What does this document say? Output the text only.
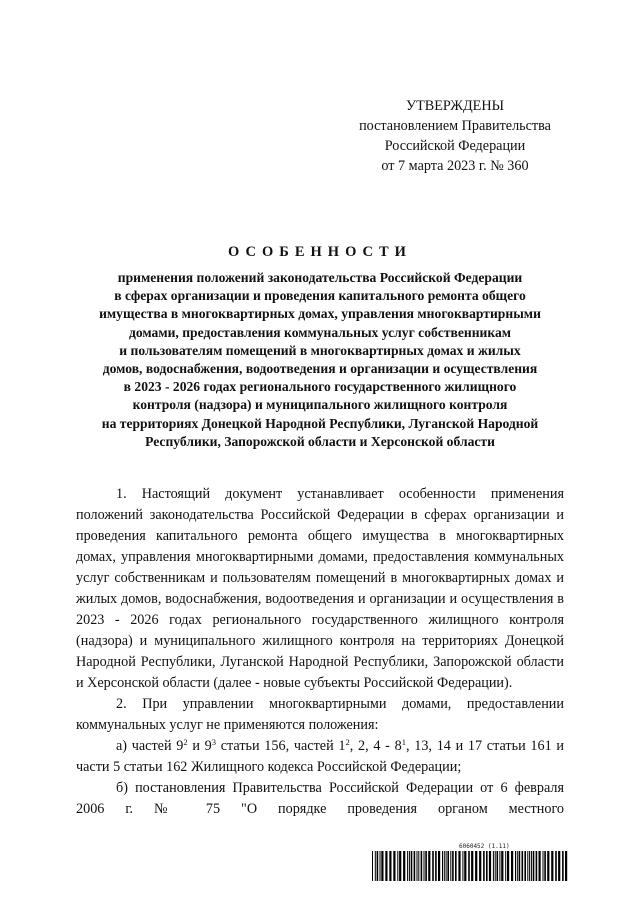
УТВЕРЖДЕНЫ
постановлением Правительства
Российской Федерации
от 7 марта 2023 г. № 360
ОСОБЕННОСТИ
применения положений законодательства Российской Федерации
в сферах организации и проведения капитального ремонта общего
имущества в многоквартирных домах, управления многоквартирными
домами, предоставления коммунальных услуг собственникам
и пользователям помещений в многоквартирных домах и жилых
домов, водоснабжения, водоотведения и организации и осуществления
в 2023 - 2026 годах регионального государственного жилищного
контроля (надзора) и муниципального жилищного контроля
на территориях Донецкой Народной Республики, Луганской Народной
Республики, Запорожской области и Херсонской области

1. Настоящий документ устанавливает особенности применения положений законодательства Российской Федерации в сферах организации и проведения капитального ремонта общего имущества в многоквартирных домах, управления многоквартирными домами, предоставления коммунальных услуг собственникам и пользователям помещений в многоквартирных домах и жилых домов, водоснабжения, водоотведения и организации и осуществления в 2023 - 2026 годах регионального государственного жилищного контроля (надзора) и муниципального жилищного контроля на территориях Донецкой Народной Республики, Луганской Народной Республики, Запорожской области и Херсонской области (далее - новые субъекты Российской Федерации).

2. При управлении многоквартирными домами, предоставлении коммунальных услуг не применяются положения:

а) частей $9^2$ и $9^3$ статьи 156, частей $1^2$, 2, $4 - 8^1$, 13, 14 и 17 статьи 161 и части 5 статьи 162 Жилищного кодекса Российской Федерации;

б) постановления Правительства Российской Федерации от 6 февраля 2006 г. № 75 "О порядке проведения органом местного

6060452 (1.11)
